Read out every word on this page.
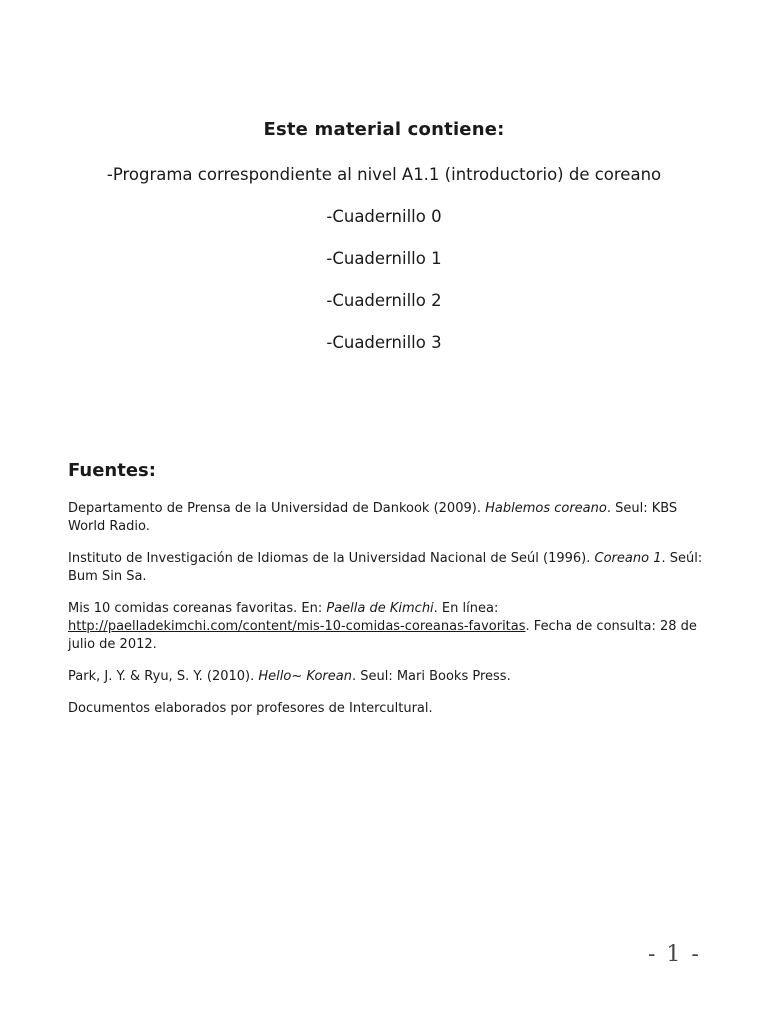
Este material contiene:
-Programa correspondiente al nivel A1.1 (introductorio) de coreano
-Cuadernillo 0
-Cuadernillo 1
-Cuadernillo 2
-Cuadernillo 3
Fuentes:

Departamento de Prensa de la Universidad de Dankook (2009). Hablemos coreano. Seul: KBS World Radio.

Instituto de Investigación de Idiomas de la Universidad Nacional de Seúl (1996). Coreano 1. Seúl: Bum Sin Sa.

Mis 10 comidas coreanas favoritas. En: Paella de Kimchi. En línea: http://paelladekimchi.com/content/mis-10-comidas-coreanas-favoritas. Fecha de consulta: 28 de julio de 2012.

Park, J. Y. & Ryu, S. Y. (2010). Hello~ Korean. Seul: Mari Books Press.

Documentos elaborados por profesores de Intercultural.

- 1 -
